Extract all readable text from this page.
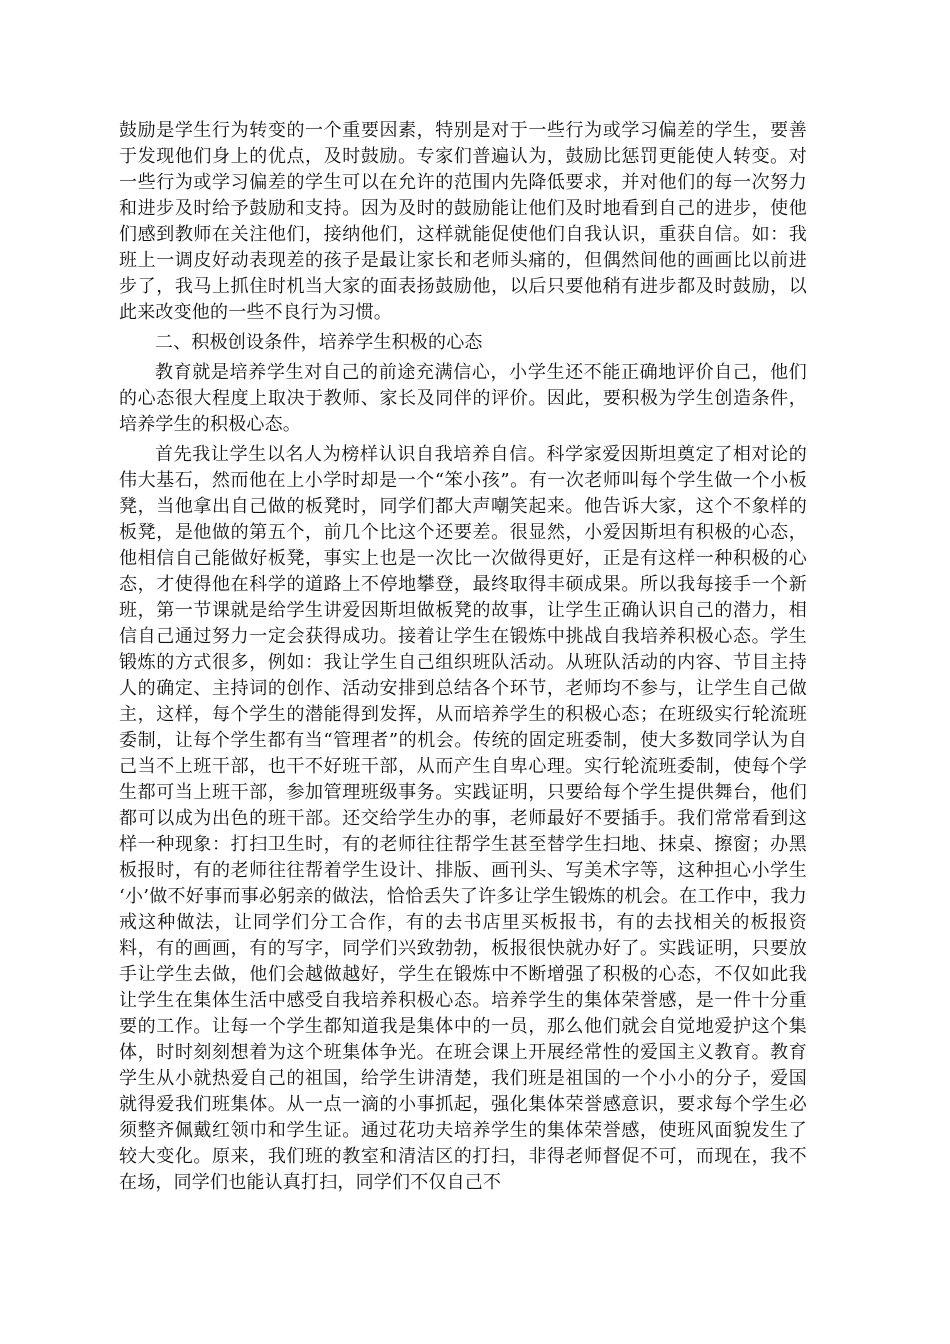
鼓励是学生行为转变的一个重要因素，特别是对于一些行为或学习偏差的学生，要善于发现他们身上的优点，及时鼓励。专家们普遍认为，鼓励比惩罚更能使人转变。对一些行为或学习偏差的学生可以在允许的范围内先降低要求，并对他们的每一次努力和进步及时给予鼓励和支持。因为及时的鼓励能让他们及时地看到自己的进步，使他们感到教师在关注他们，接纳他们，这样就能促使他们自我认识，重获自信。如：我班上一调皮好动表现差的孩子是最让家长和老师头痛的，但偶然间他的画画比以前进步了，我马上抓住时机当大家的面表扬鼓励他，以后只要他稍有进步都及时鼓励，以此来改变他的一些不良行为习惯。

二、积极创设条件，培养学生积极的心态

教育就是培养学生对自己的前途充满信心，小学生还不能正确地评价自己，他们的心态很大程度上取决于教师、家长及同伴的评价。因此，要积极为学生创造条件，培养学生的积极心态。

首先我让学生以名人为榜样认识自我培养自信。科学家爱因斯坦奠定了相对论的伟大基石，然而他在上小学时却是一个“笨小孩”。有一次老师叫每个学生做一个小板凳，当他拿出自己做的板凳时，同学们都大声嘲笑起来。他告诉大家，这个不象样的板凳，是他做的第五个，前几个比这个还要差。很显然，小爱因斯坦有积极的心态，他相信自己能做好板凳，事实上也是一次比一次做得更好，正是有这样一种积极的心态，才使得他在科学的道路上不停地攀登，最终取得丰硕成果。所以我每接手一个新班，第一节课就是给学生讲爱因斯坦做板凳的故事，让学生正确认识自己的潜力，相信自己通过努力一定会获得成功。接着让学生在锻炼中挑战自我培养积极心态。学生锻炼的方式很多，例如：我让学生自己组织班队活动。从班队活动的内容、节目主持人的确定、主持词的创作、活动安排到总结各个环节，老师均不参与，让学生自己做主，这样，每个学生的潜能得到发挥，从而培养学生的积极心态；在班级实行轮流班委制，让每个学生都有当“管理者”的机会。传统的固定班委制，使大多数同学认为自己当不上班干部，也干不好班干部，从而产生自卑心理。实行轮流班委制，使每个学生都可当上班干部，参加管理班级事务。实践证明，只要给每个学生提供舞台，他们都可以成为出色的班干部。还交给学生办的事，老师最好不要插手。我们常常看到这样一种现象：打扫卫生时，有的老师往往帮学生甚至替学生扫地、抹桌、擦窗；办黑板报时，有的老师往往帮着学生设计、排版、画刊头、写美术字等，这种担心小学生 ‘小’做不好事而事必躬亲的做法，恰恰丢失了许多让学生锻炼的机会。在工作中，我力戒这种做法，让同学们分工合作，有的去书店里买板报书，有的去找相关的板报资料，有的画画，有的写字，同学们兴致勃勃，板报很快就办好了。实践证明，只要放手让学生去做，他们会越做越好，学生在锻炼中不断增强了积极的心态，不仅如此我让学生在集体生活中感受自我培养积极心态。培养学生的集体荣誉感，是一件十分重要的工作。让每一个学生都知道我是集体中的一员，那么他们就会自觉地爱护这个集体，时时刻刻想着为这个班集体争光。在班会课上开展经常性的爱国主义教育。教育学生从小就热爱自己的祖国，给学生讲清楚，我们班是祖国的一个小小的分子，爱国就得爱我们班集体。从一点一滴的小事抓起，强化集体荣誉感意识，要求每个学生必须整齐佩戴红领巾和学生证。通过花功夫培养学生的集体荣誉感，使班风面貌发生了较大变化。原来，我们班的教室和清洁区的打扫，非得老师督促不可，而现在，我不在场，同学们也能认真打扫，同学们不仅自己不
